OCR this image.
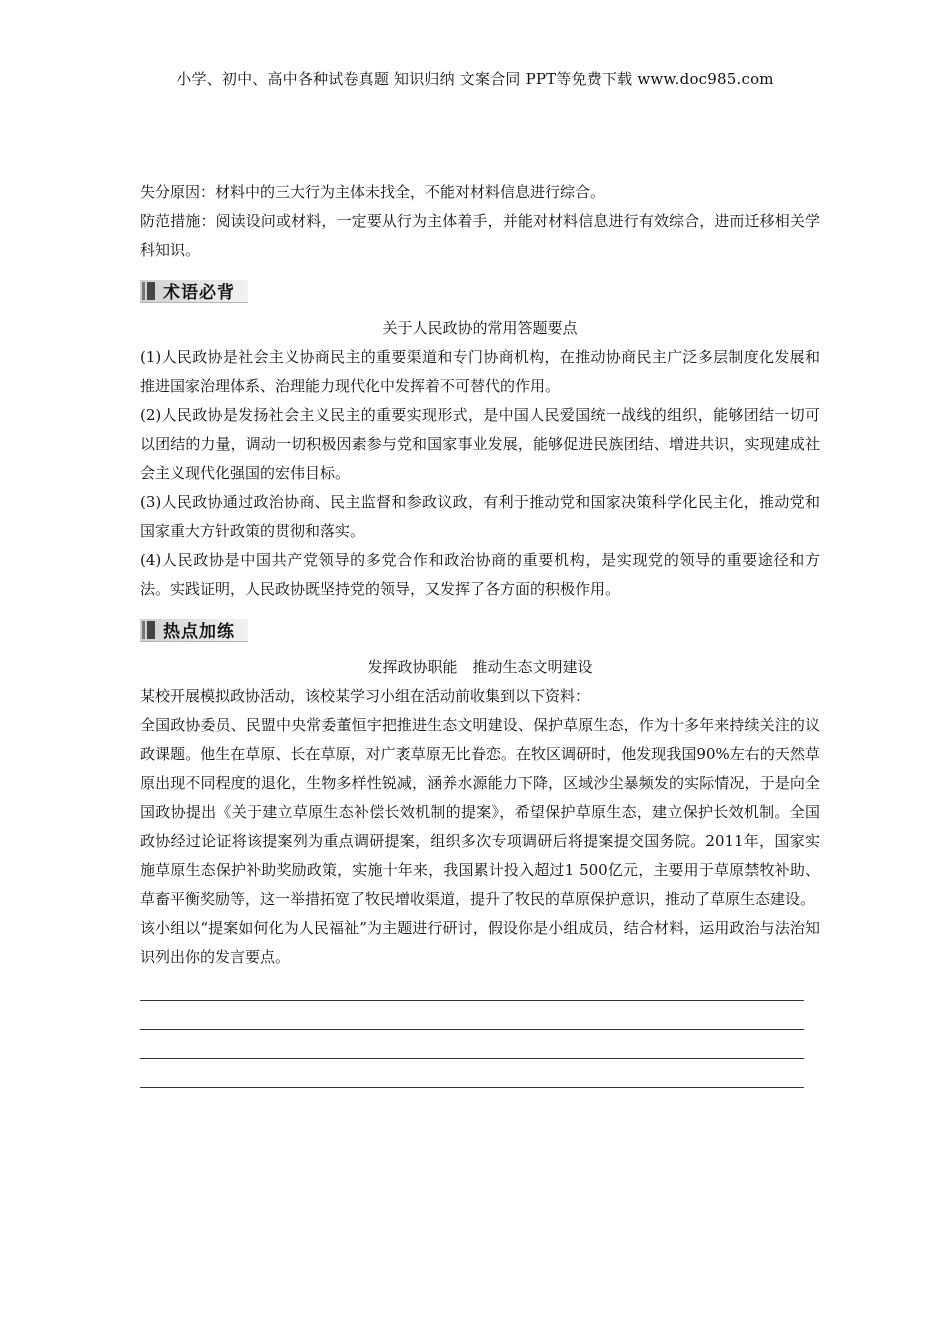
小学、初中、高中各种试卷真题 知识归纳 文案合同 PPT等免费下载 www.doc985.com

失分原因：材料中的三大行为主体未找全，不能对材料信息进行综合。

防范措施：阅读设问或材料，一定要从行为主体着手，并能对材料信息进行有效综合，进而迁移相关学科知识。

术语必背

关于人民政协的常用答题要点

(1)人民政协是社会主义协商民主的重要渠道和专门协商机构，在推动协商民主广泛多层制度化发展和推进国家治理体系、治理能力现代化中发挥着不可替代的作用。

(2)人民政协是发扬社会主义民主的重要实现形式，是中国人民爱国统一战线的组织，能够团结一切可以团结的力量，调动一切积极因素参与党和国家事业发展，能够促进民族团结、增进共识，实现建成社会主义现代化强国的宏伟目标。

(3)人民政协通过政治协商、民主监督和参政议政，有利于推动党和国家决策科学化民主化，推动党和国家重大方针政策的贯彻和落实。

(4)人民政协是中国共产党领导的多党合作和政治协商的重要机构，是实现党的领导的重要途径和方法。实践证明，人民政协既坚持党的领导，又发挥了各方面的积极作用。

热点加练

发挥政协职能　推动生态文明建设

某校开展模拟政协活动，该校某学习小组在活动前收集到以下资料：

全国政协委员、民盟中央常委董恒宇把推进生态文明建设、保护草原生态，作为十多年来持续关注的议政课题。他生在草原、长在草原，对广袤草原无比眷恋。在牧区调研时，他发现我国90%左右的天然草原出现不同程度的退化，生物多样性锐减，涵养水源能力下降，区域沙尘暴频发的实际情况，于是向全国政协提出《关于建立草原生态补偿长效机制的提案》，希望保护草原生态，建立保护长效机制。全国政协经过论证将该提案列为重点调研提案，组织多次专项调研后将提案提交国务院。2011年，国家实施草原生态保护补助奖励政策，实施十年来，我国累计投入超过1 500亿元，主要用于草原禁牧补助、草畜平衡奖励等，这一举措拓宽了牧民增收渠道，提升了牧民的草原保护意识，推动了草原生态建设。

该小组以“提案如何化为人民福祉”为主题进行研讨，假设你是小组成员，结合材料，运用政治与法治知识列出你的发言要点。
